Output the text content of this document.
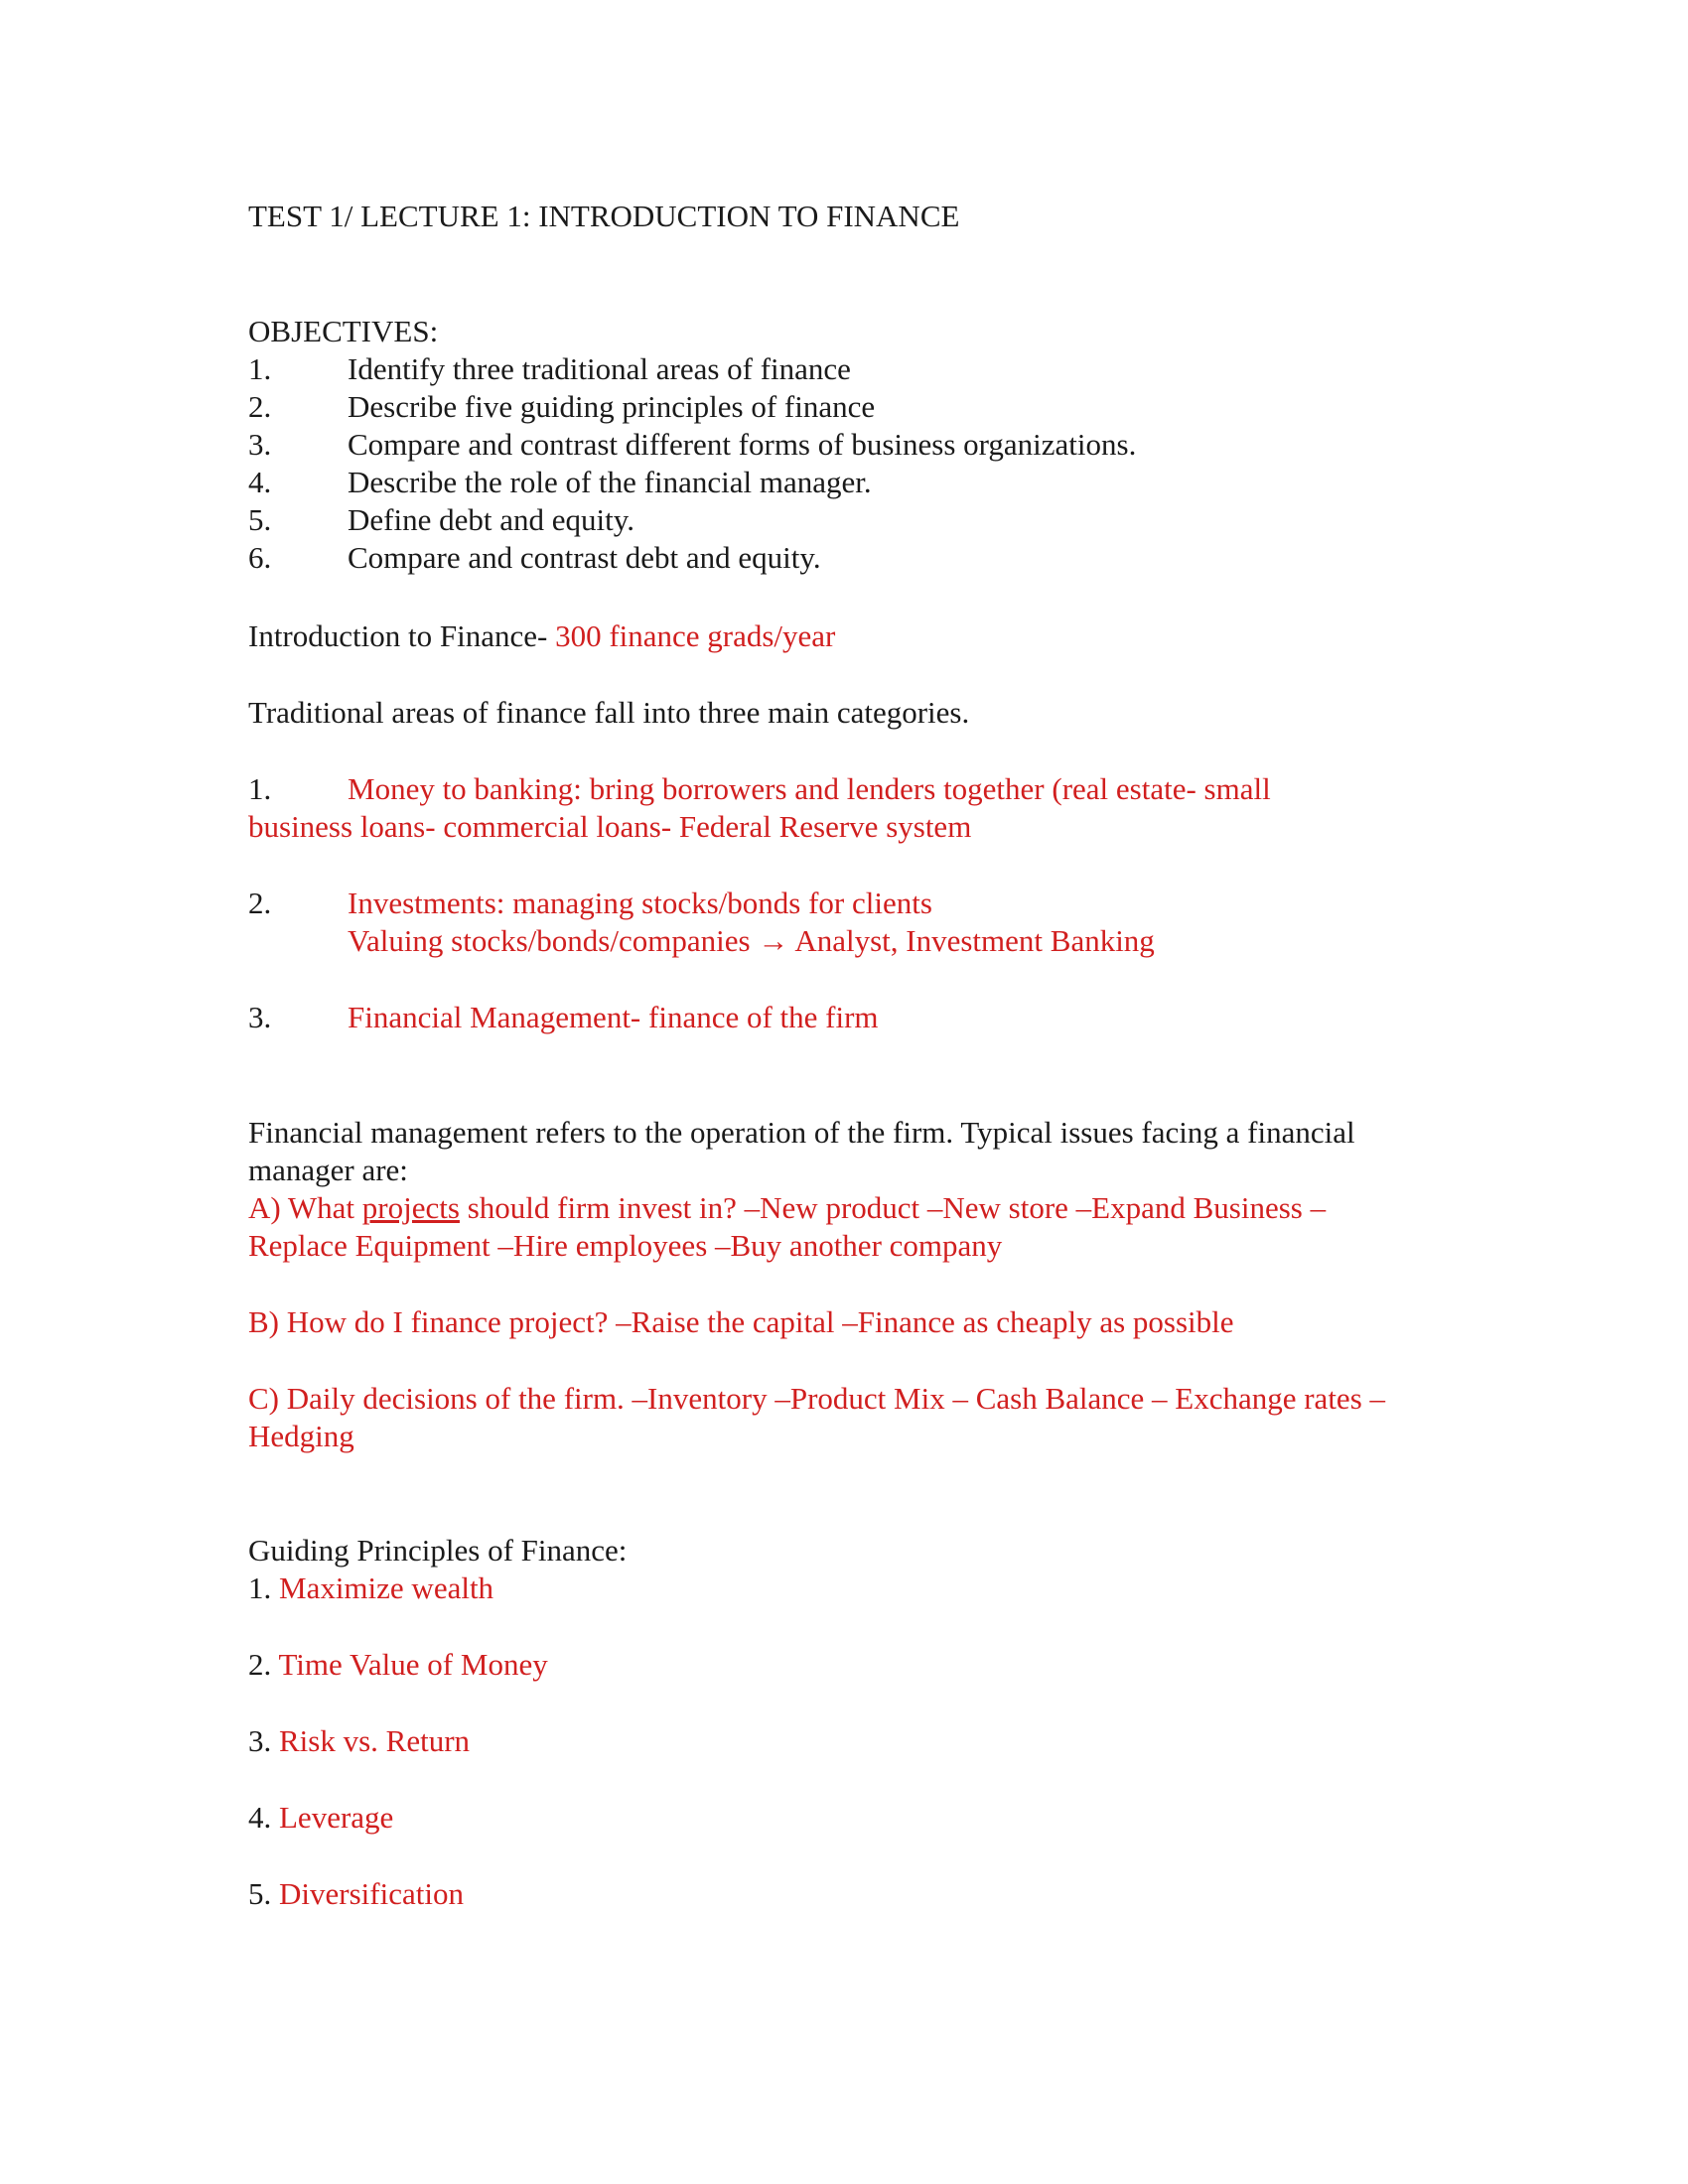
TEST 1/ LECTURE 1: INTRODUCTION TO FINANCE

OBJECTIVES:

1. Identify three traditional areas of finance
2. Describe five guiding principles of finance
3. Compare and contrast different forms of business organizations.
4. Describe the role of the financial manager.
5. Define debt and equity.
6. Compare and contrast debt and equity.
Introduction to Finance- 300 finance grads/year
Traditional areas of finance fall into three main categories.
1. Money to banking: bring borrowers and lenders together (real estate- small

business loans- commercial loans- Federal Reserve system

2. Investments: managing stocks/bonds for clients
Valuing stocks/bonds/companies → Analyst, Investment Banking
3. Financial Management- finance of the firm

Financial management refers to the operation of the firm. Typical issues facing a financial manager are:

A) What projects should firm invest in? –New product –New store –Expand Business – Replace Equipment –Hire employees –Buy another company

B) How do I finance project? –Raise the capital –Finance as cheaply as possible

C) Daily decisions of the firm. –Inventory –Product Mix – Cash Balance – Exchange rates – Hedging

Guiding Principles of Finance:

1. Maximize wealth

2. Time Value of Money
3. Risk vs. Return
4. Leverage
5. Diversification
